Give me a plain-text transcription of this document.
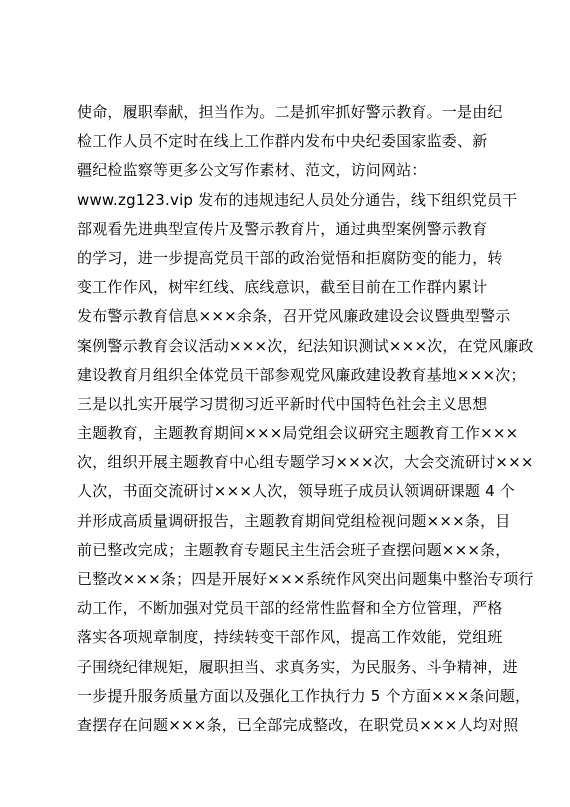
使命，履职奉献，担当作为。二是抓牢抓好警示教育。一是由纪
检工作人员不定时在线上工作群内发布中央纪委国家监委、新
疆纪检监察等更多公文写作素材、范文，访问网站：
www.zg123.vip 发布的违规违纪人员处分通告，线下组织党员干
部观看先进典型宣传片及警示教育片，通过典型案例警示教育
的学习，进一步提高党员干部的政治觉悟和拒腐防变的能力，转
变工作作风，树牢红线、底线意识，截至目前在工作群内累计
发布警示教育信息×××余条，召开党风廉政建设会议暨典型警示
案例警示教育会议活动×××次，纪法知识测试×××次，在党风廉政
建设教育月组织全体党员干部参观党风廉政建设教育基地×××次；
三是以扎实开展学习贯彻习近平新时代中国特色社会主义思想
主题教育，主题教育期间×××局党组会议研究主题教育工作×××
次，组织开展主题教育中心组专题学习×××次，大会交流研讨×××
人次，书面交流研讨×××人次，领导班子成员认领调研课题 4 个
并形成高质量调研报告，主题教育期间党组检视问题×××条，目
前已整改完成；主题教育专题民主生活会班子查摆问题×××条，
已整改×××条；四是开展好×××系统作风突出问题集中整治专项行
动工作，不断加强对党员干部的经常性监督和全方位管理，严格
落实各项规章制度，持续转变干部作风，提高工作效能，党组班
子围绕纪律规矩，履职担当、求真务实，为民服务、斗争精神，进
一步提升服务质量方面以及强化工作执行力 5 个方面×××条问题，
查摆存在问题×××条，已全部完成整改，在职党员×××人均对照
